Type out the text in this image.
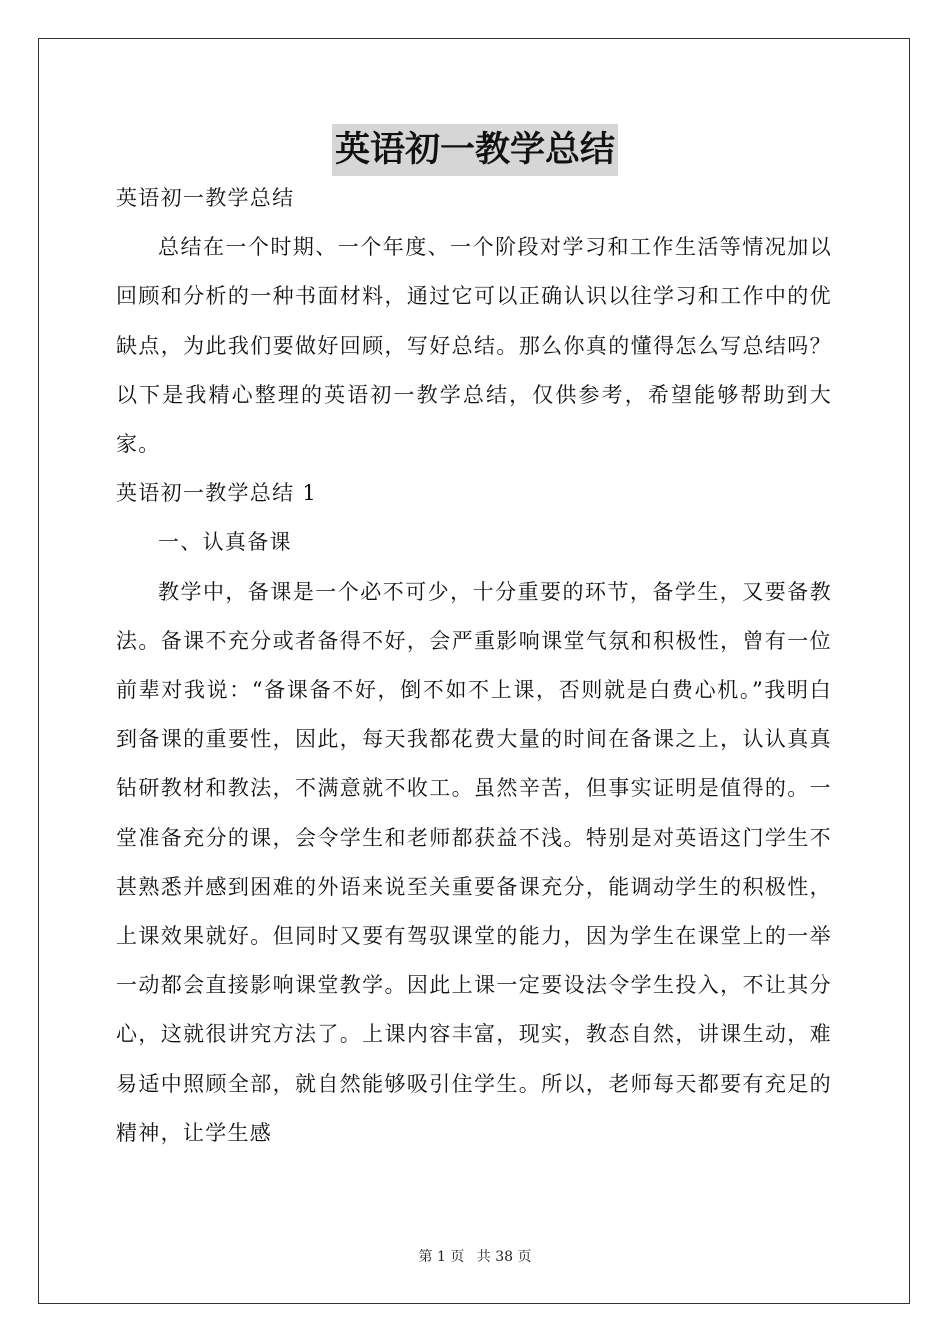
英语初一教学总结

英语初一教学总结

总结在一个时期、一个年度、一个阶段对学习和工作生活等情况加以回顾和分析的一种书面材料，通过它可以正确认识以往学习和工作中的优缺点，为此我们要做好回顾，写好总结。那么你真的懂得怎么写总结吗？以下是我精心整理的英语初一教学总结，仅供参考，希望能够帮助到大家。

英语初一教学总结 1

一、认真备课

教学中，备课是一个必不可少，十分重要的环节，备学生，又要备教法。备课不充分或者备得不好，会严重影响课堂气氛和积极性，曾有一位前辈对我说：“备课备不好，倒不如不上课，否则就是白费心机。”我明白到备课的重要性，因此，每天我都花费大量的时间在备课之上，认认真真钻研教材和教法，不满意就不收工。虽然辛苦，但事实证明是值得的。一堂准备充分的课，会令学生和老师都获益不浅。特别是对英语这门学生不甚熟悉并感到困难的外语来说至关重要备课充分，能调动学生的积极性，上课效果就好。但同时又要有驾驭课堂的能力，因为学生在课堂上的一举一动都会直接影响课堂教学。因此上课一定要设法令学生投入，不让其分心，这就很讲究方法了。上课内容丰富，现实，教态自然，讲课生动，难易适中照顾全部，就自然能够吸引住学生。所以，老师每天都要有充足的精神，让学生感

第 1 页 共 38 页
